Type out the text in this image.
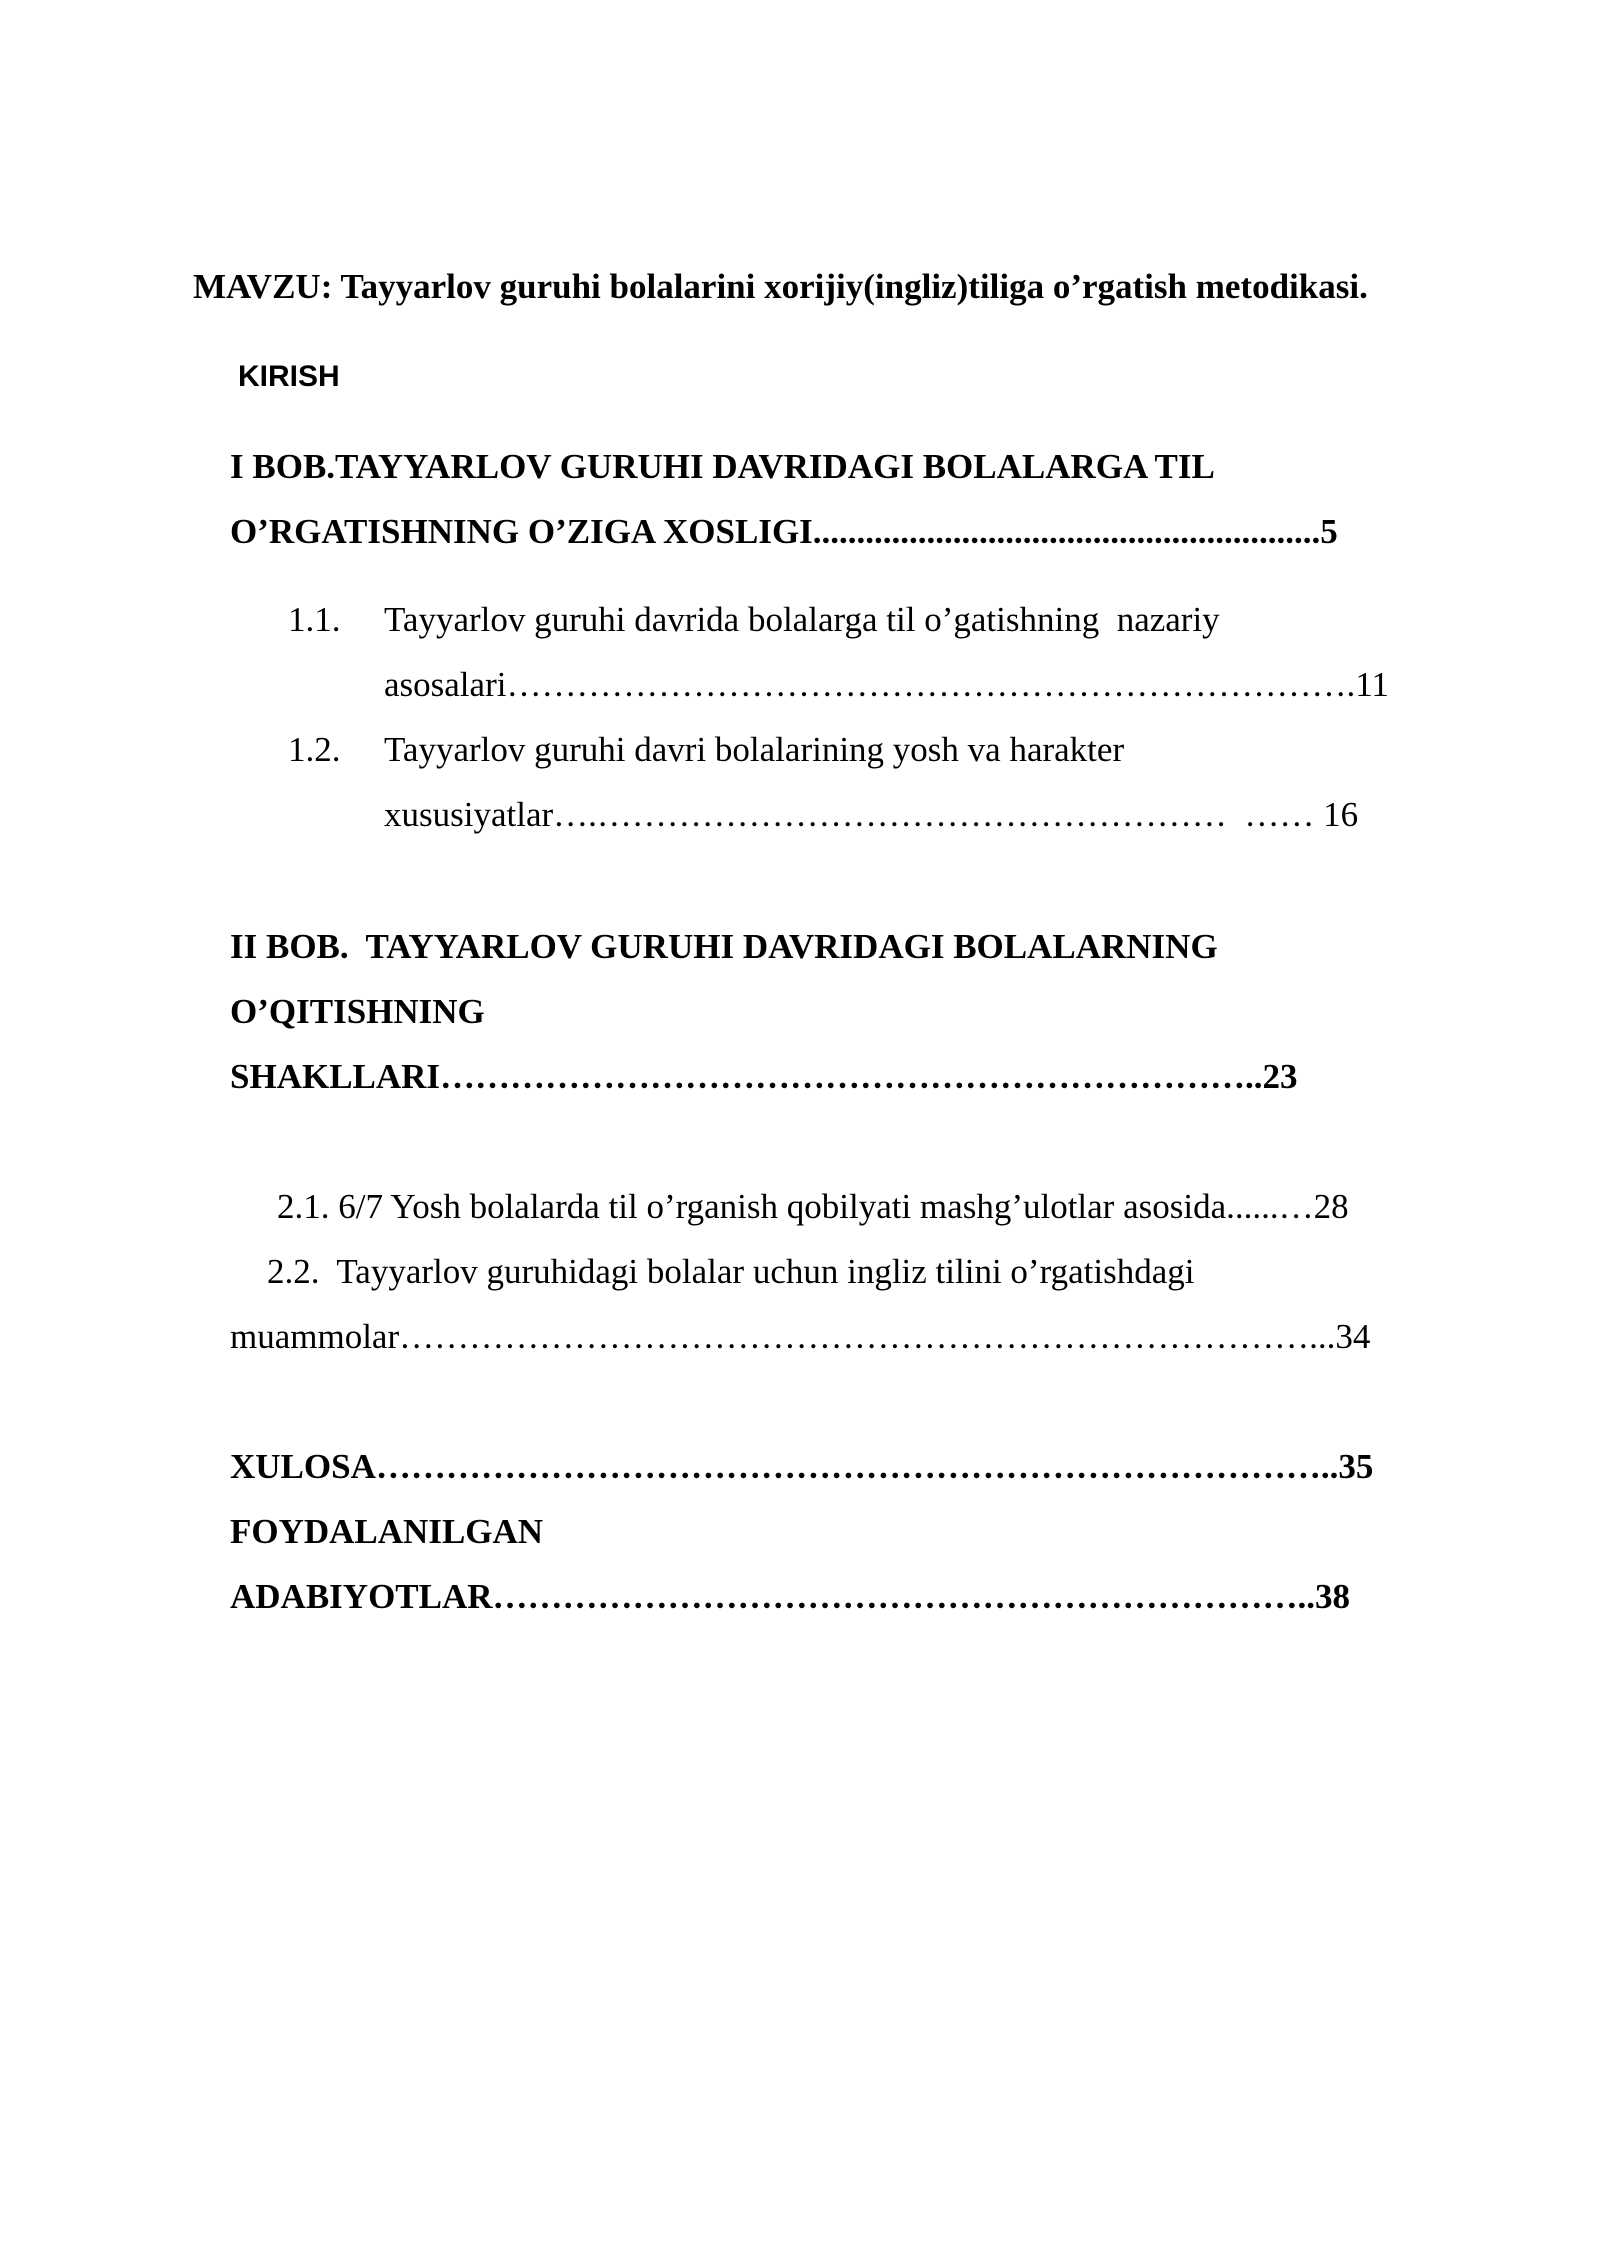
MAVZU: Tayyarlov guruhi bolalarini xorijiy(ingliz)tiliga o’rgatish metodikasi.
KIRISH
I BOB.TAYYARLOV GURUHI DAVRIDAGI BOLALARGA TIL
O’RGATISHNING O’ZIGA XOSLIGI..........................................................5
1.1. Tayyarlov guruhi davrida bolalarga til o’gatishning  nazariy
asosalari……………………………………………………………….11
1.2. Tayyarlov guruhi davri bolalarining yosh va harakter
xususiyatlar….………………………………………………  …… 16
II BOB.  TAYYARLOV GURUHI DAVRIDAGI BOLALARNING
O’QITISHNING
SHAKLLARI……………………………………………………………..23
2.1. 6/7 Yosh bolalarda til o’rganish qobilyati mashg’ulotlar asosida......…28
2.2.  Tayyarlov guruhidagi bolalar uchun ingliz tilini o’rgatishdagi
muammolar……………………………………………………………………...34
XULOSA………………………………………………………………………..35
FOYDALANILGAN
ADABIYOTLAR……………………………………………………………..38
